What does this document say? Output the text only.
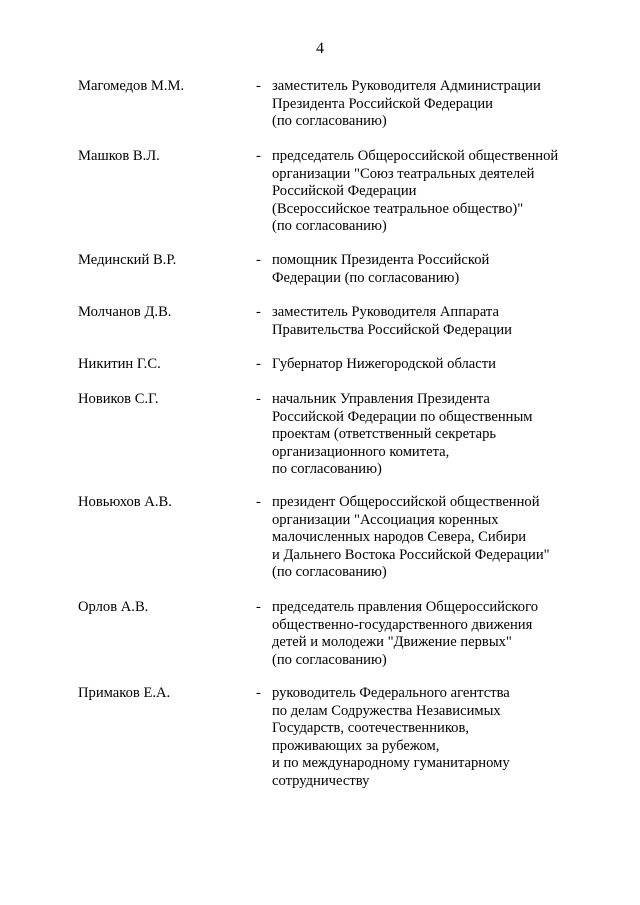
4
Магомедов М.М.	- заместитель Руководителя Администрации
Президента Российской Федерации
(по согласованию)
Машков В.Л.	- председатель Общероссийской общественной
организации "Союз театральных деятелей
Российской Федерации
(Всероссийское театральное общество)"
(по согласованию)
Мединский В.Р.	- помощник Президента Российской
Федерации (по согласованию)
Молчанов Д.В.	- заместитель Руководителя Аппарата
Правительства Российской Федерации
Никитин Г.С.	- Губернатор Нижегородской области
Новиков С.Г.	- начальник Управления Президента
Российской Федерации по общественным
проектам (ответственный секретарь
организационного комитета,
по согласованию)
Новьюхов А.В.	- президент Общероссийской общественной
организации "Ассоциация коренных
малочисленных народов Севера, Сибири
и Дальнего Востока Российской Федерации"
(по согласованию)
Орлов А.В.	- председатель правления Общероссийского
общественно-государственного движения
детей и молодежи "Движение первых"
(по согласованию)
Примаков Е.А.	- руководитель Федерального агентства
по делам Содружества Независимых
Государств, соотечественников,
проживающих за рубежом,
и по международному гуманитарному
сотрудничеству
